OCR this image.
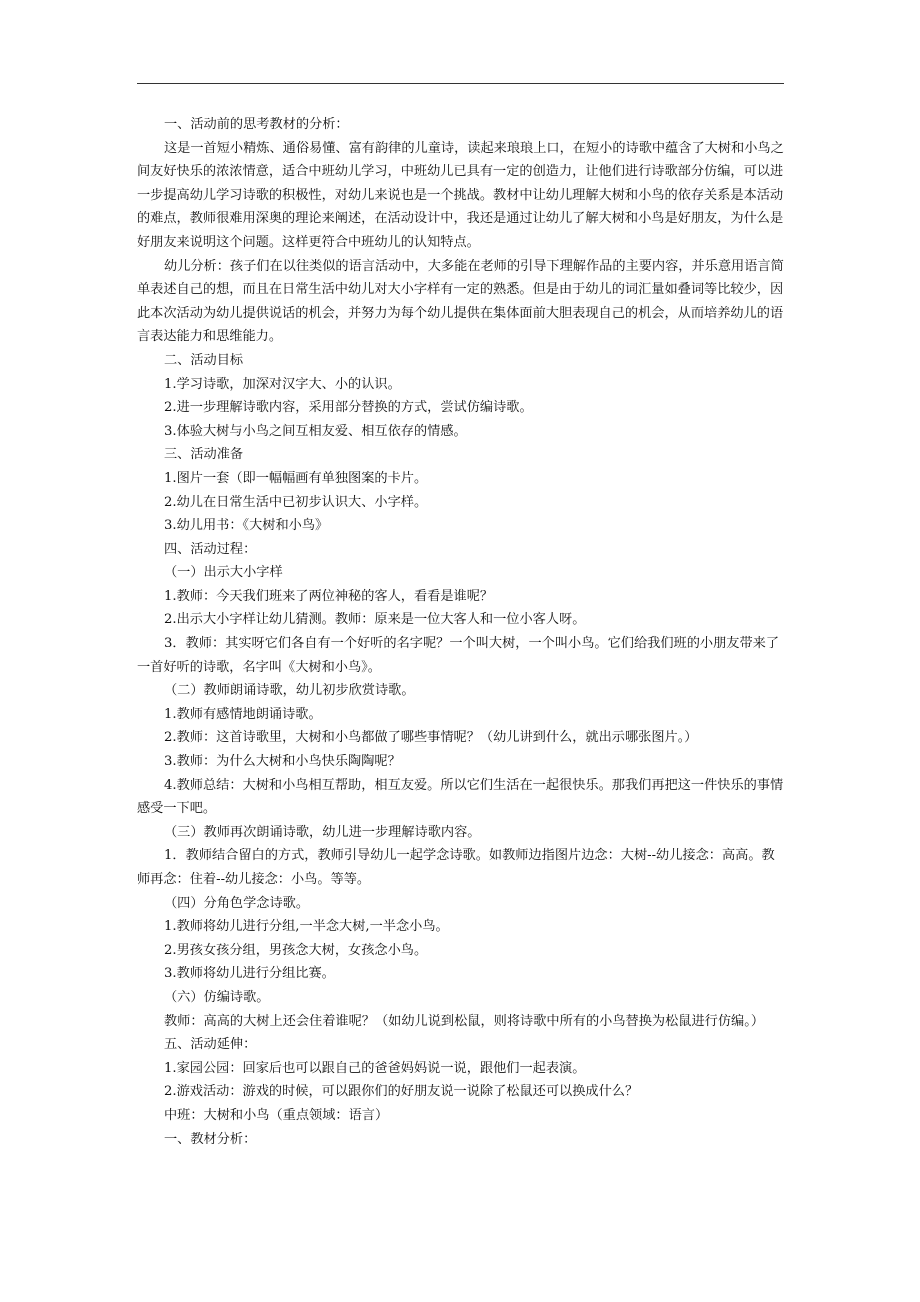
一、活动前的思考教材的分析：

这是一首短小精炼、通俗易懂、富有韵律的儿童诗，读起来琅琅上口，在短小的诗歌中蕴含了大树和小鸟之间友好快乐的浓浓情意，适合中班幼儿学习，中班幼儿已具有一定的创造力，让他们进行诗歌部分仿编，可以进一步提高幼儿学习诗歌的积极性，对幼儿来说也是一个挑战。教材中让幼儿理解大树和小鸟的依存关系是本活动的难点，教师很难用深奥的理论来阐述，在活动设计中，我还是通过让幼儿了解大树和小鸟是好朋友，为什么是好朋友来说明这个问题。这样更符合中班幼儿的认知特点。

幼儿分析：孩子们在以往类似的语言活动中，大多能在老师的引导下理解作品的主要内容，并乐意用语言简单表述自己的想，而且在日常生活中幼儿对大小字样有一定的熟悉。但是由于幼儿的词汇量如叠词等比较少，因此本次活动为幼儿提供说话的机会，并努力为每个幼儿提供在集体面前大胆表现自己的机会，从而培养幼儿的语言表达能力和思维能力。

二、活动目标

1.学习诗歌，加深对汉字大、小的认识。

2.进一步理解诗歌内容，采用部分替换的方式，尝试仿编诗歌。

3.体验大树与小鸟之间互相友爱、相互依存的情感。

三、活动准备

1.图片一套（即一幅幅画有单独图案的卡片。

2.幼儿在日常生活中已初步认识大、小字样。

3.幼儿用书：《大树和小鸟》

四、活动过程：

（一）出示大小字样

1.教师：今天我们班来了两位神秘的客人，看看是谁呢？

2.出示大小字样让幼儿猜测。教师：原来是一位大客人和一位小客人呀。

3．教师：其实呀它们各自有一个好听的名字呢？一个叫大树，一个叫小鸟。它们给我们班的小朋友带来了一首好听的诗歌，名字叫《大树和小鸟》。

（二）教师朗诵诗歌，幼儿初步欣赏诗歌。

1.教师有感情地朗诵诗歌。

2.教师：这首诗歌里，大树和小鸟都做了哪些事情呢？（幼儿讲到什么，就出示哪张图片。）

3.教师：为什么大树和小鸟快乐陶陶呢？

4.教师总结：大树和小鸟相互帮助，相互友爱。所以它们生活在一起很快乐。那我们再把这一件快乐的事情感受一下吧。

（三）教师再次朗诵诗歌，幼儿进一步理解诗歌内容。

1．教师结合留白的方式，教师引导幼儿一起学念诗歌。如教师边指图片边念：大树--幼儿接念：高高。教师再念：住着--幼儿接念：小鸟。等等。

（四）分角色学念诗歌。

1.教师将幼儿进行分组,一半念大树,一半念小鸟。

2.男孩女孩分组，男孩念大树，女孩念小鸟。

3.教师将幼儿进行分组比赛。

（六）仿编诗歌。

教师：高高的大树上还会住着谁呢？（如幼儿说到松鼠，则将诗歌中所有的小鸟替换为松鼠进行仿编。）

五、活动延伸：

1.家园公园：回家后也可以跟自己的爸爸妈妈说一说，跟他们一起表演。

2.游戏活动：游戏的时候，可以跟你们的好朋友说一说除了松鼠还可以换成什么？

中班：大树和小鸟（重点领域：语言）

一、教材分析：
